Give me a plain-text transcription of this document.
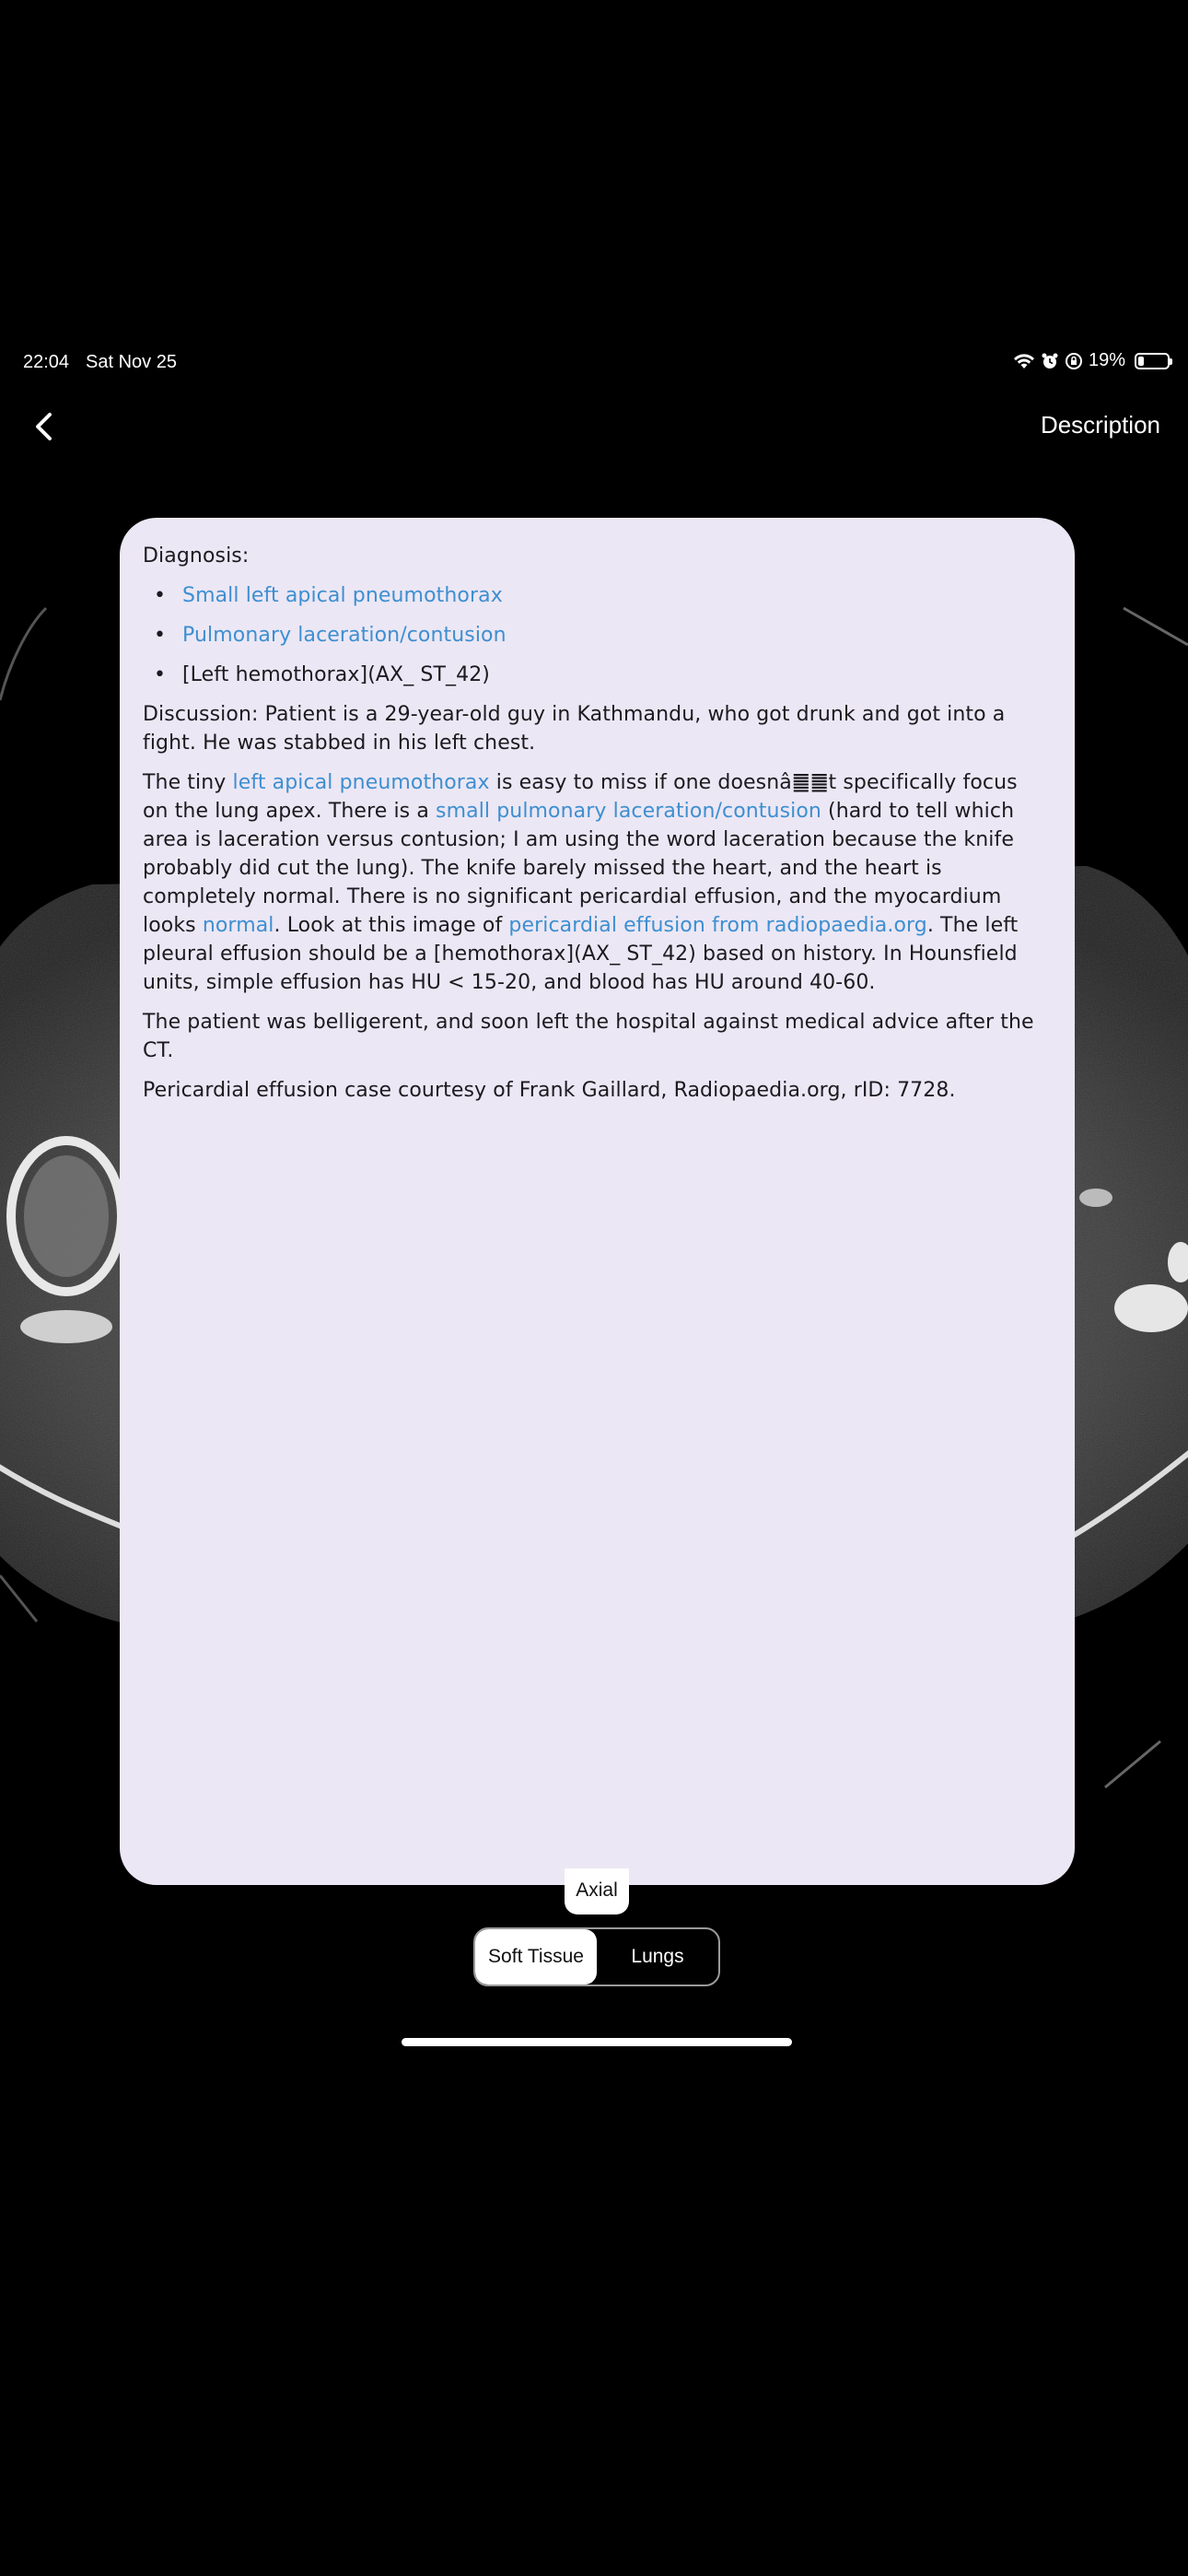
22:04 Sat Nov 25	19%
Description

Diagnosis:

• Small left apical pneumothorax
• Pulmonary laceration/contusion
• [Left hemothorax](AX_ ST_42)

Discussion: Patient is a 29-year-old guy in Kathmandu, who got drunk and got into a fight. He was stabbed in his left chest.

The tiny left apical pneumothorax is easy to miss if one doesnâ䷀䷀t specifically focus on the lung apex. There is a small pulmonary laceration/contusion (hard to tell which area is laceration versus contusion; I am using the word laceration because the knife probably did cut the lung). The knife barely missed the heart, and the heart is completely normal. There is no significant pericardial effusion, and the myocardium looks normal. Look at this image of pericardial effusion from radiopaedia.org. The left pleural effusion should be a [hemothorax](AX_ ST_42) based on history. In Hounsfield units, simple effusion has HU < 15-20, and blood has HU around 40-60.

The patient was belligerent, and soon left the hospital against medical advice after the CT.

Pericardial effusion case courtesy of Frank Gaillard, Radiopaedia.org, rID: 7728.

Axial
Soft Tissue	Lungs
